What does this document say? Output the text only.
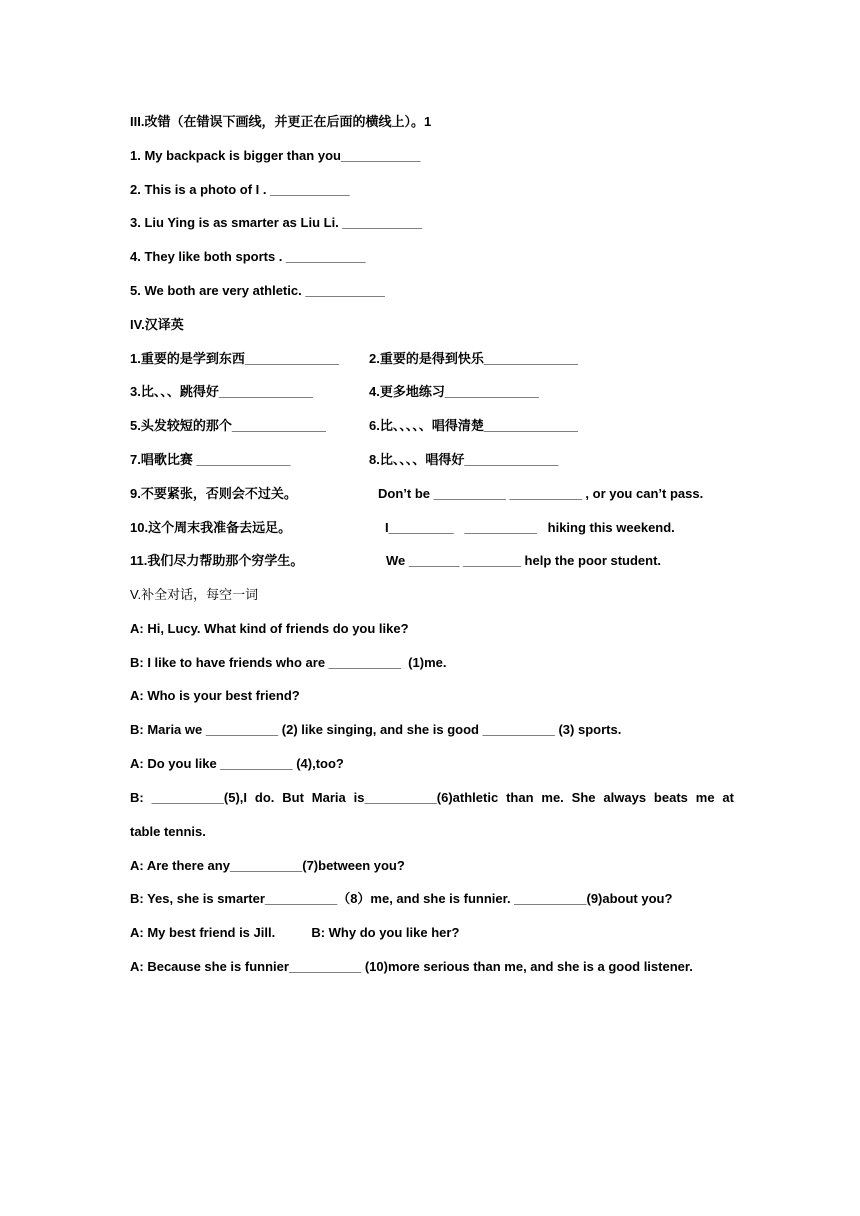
III.改错（在错误下画线，并更正在后面的横线上）。1
1. My backpack is bigger than you___________
2. This is a photo of I . ___________
3. Liu Ying is as smarter as Liu Li. ___________
4. They like both sports . ___________
5. We both are very athletic. ___________
IV.汉译英
1.重要的是学到东西_____________ 2.重要的是得到快乐_____________
3.比、、、跳得好_____________	4.更多地练习_____________
5.头发较短的那个_____________	6.比、、、、、唱得清楚_____________
7.唱歌比赛 _____________	8.比、、、、唱得好_____________
9.不要紧张，否则会不过关。	Don’t be __________ __________ , or you can’t pass.
10.这个周末我准备去远足。	I_________   __________   hiking this weekend.
11.我们尽力帮助那个穷学生。	We _______ ________ help the poor student.
V.补全对话，每空一词
A: Hi, Lucy. What kind of friends do you like?
B: I like to have friends who are __________  (1)me.
A: Who is your best friend?
B: Maria we __________ (2) like singing, and she is good __________ (3) sports.
A: Do you like __________ (4),too?
B: __________(5),I do. But Maria is__________(6)athletic than me. She always beats me at
table tennis.
A: Are there any__________(7)between you?
B: Yes, she is smarter__________（8）me, and she is funnier. __________(9)about you?
A: My best friend is Jill.          B: Why do you like her?
A: Because she is funnier__________ (10)more serious than me, and she is a good listener.
